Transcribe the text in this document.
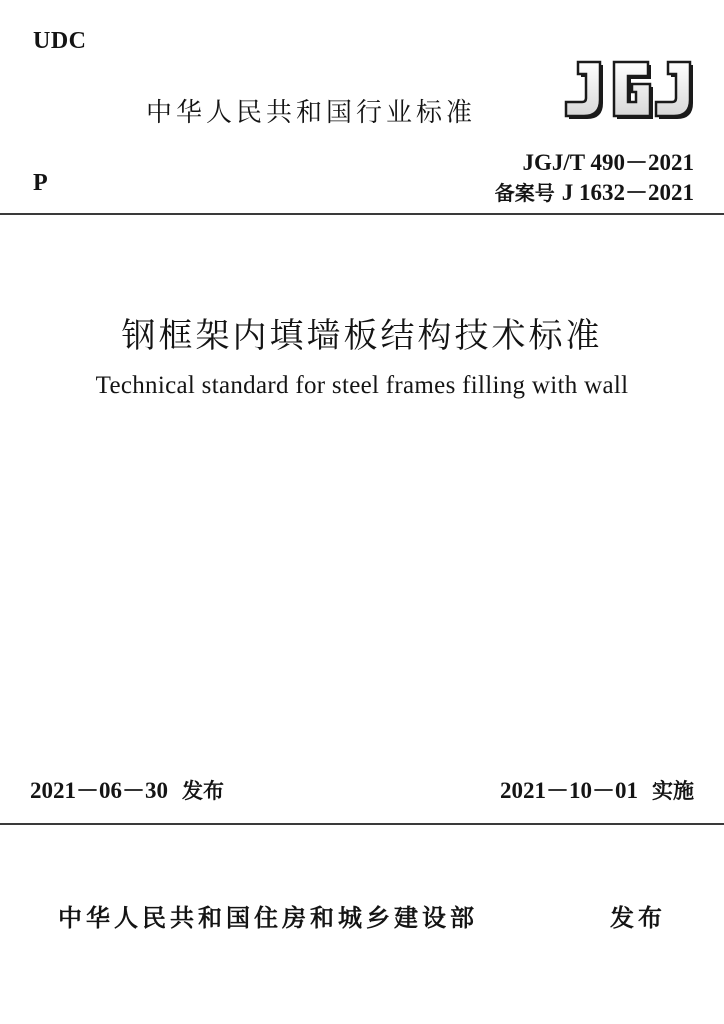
UDC
中华人民共和国行业标准
P
JGJ/T 490－2021
备案号 J 1632－2021
钢框架内填墙板结构技术标准
Technical standard for steel frames filling with wall
2021－06－30 发布	2021－10－01 实施
中华人民共和国住房和城乡建设部	发布
